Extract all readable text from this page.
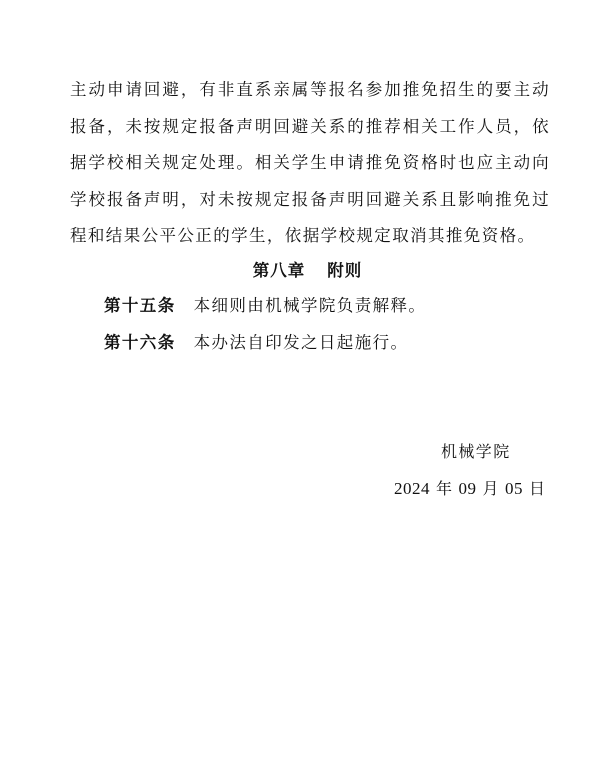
主动申请回避，有非直系亲属等报名参加推免招生的要主动报备，未按规定报备声明回避关系的推荐相关工作人员，依据学校相关规定处理。相关学生申请推免资格时也应主动向学校报备声明，对未按规定报备声明回避关系且影响推免过程和结果公平公正的学生，依据学校规定取消其推免资格。
第八章 附则
第十五条 本细则由机械学院负责解释。
第十六条 本办法自印发之日起施行。
机械学院
2024 年 09 月 05 日
